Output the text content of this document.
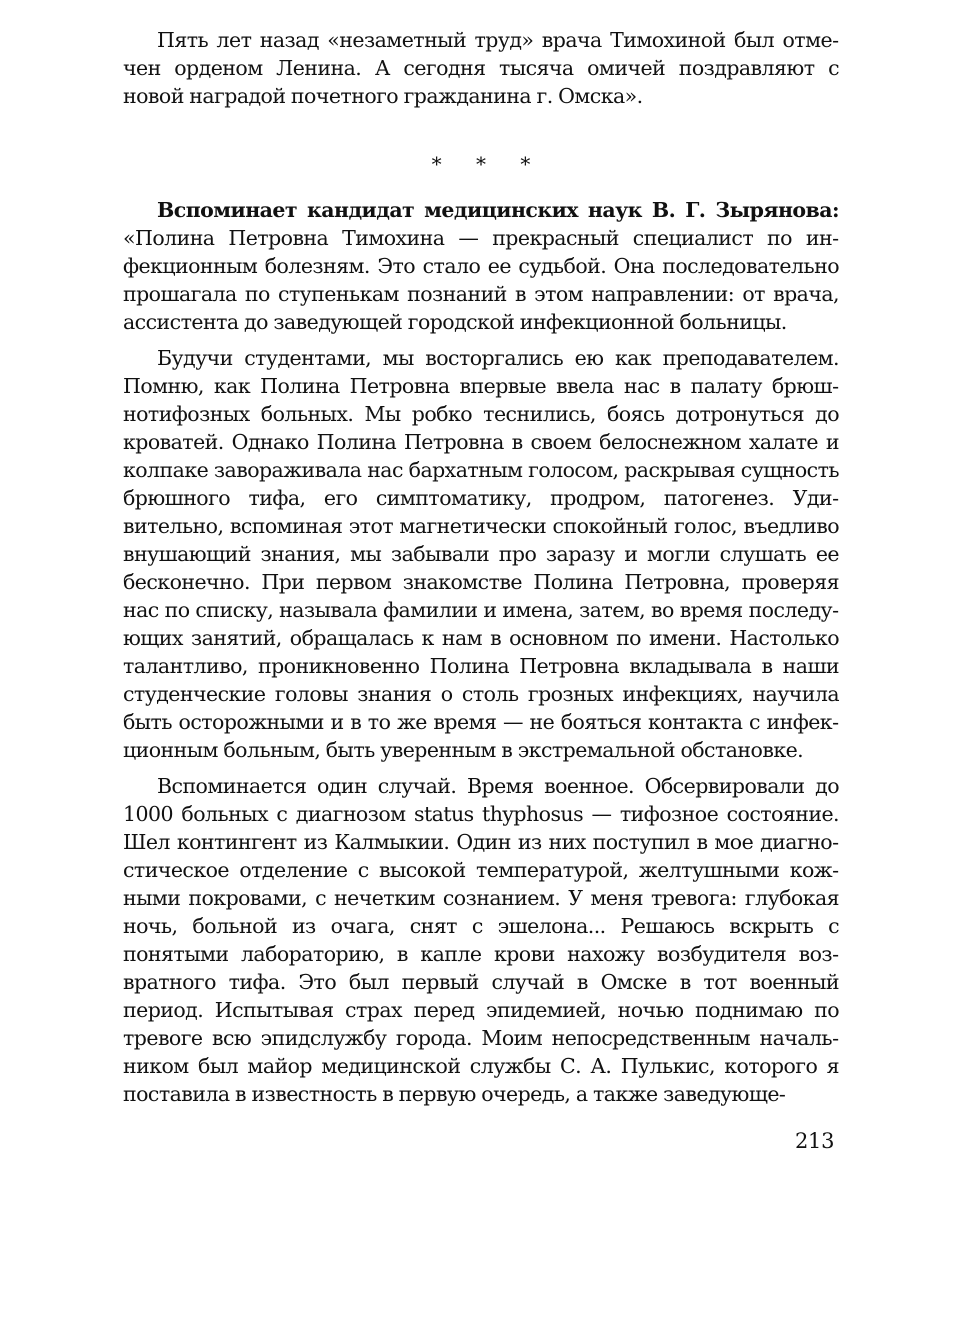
Пять лет назад «незаметный труд» врача Тимохиной был отмечен орденом Ленина. А сегодня тысяча омичей поздравляют с новой наградой почетного гражданина г. Омска».

* * *

Вспоминает кандидат медицинских наук В. Г. Зырянова: «Полина Петровна Тимохина — прекрасный специалист по инфекционным болезням. Это стало ее судьбой. Она последовательно прошагала по ступенькам познаний в этом направлении: от врача, ассистента до заведующей городской инфекционной больницы.

Будучи студентами, мы восторгались ею как преподавателем. Помню, как Полина Петровна впервые ввела нас в палату брюшнотифозных больных. Мы робко теснились, боясь дотронуться до кроватей. Однако Полина Петровна в своем белоснежном халате и колпаке завораживала нас бархатным голосом, раскрывая сущность брюшного тифа, его симптоматику, продром, патогенез. Удивительно, вспоминая этот магнетически спокойный голос, въедливо внушающий знания, мы забывали про заразу и могли слушать ее бесконечно. При первом знакомстве Полина Петровна, проверяя нас по списку, называла фамилии и имена, затем, во время последующих занятий, обращалась к нам в основном по имени. Настолько талантливо, проникновенно Полина Петровна вкладывала в наши студенческие головы знания о столь грозных инфекциях, научила быть осторожными и в то же время — не бояться контакта с инфекционным больным, быть уверенным в экстремальной обстановке.

Вспоминается один случай. Время военное. Обсервировали до 1000 больных с диагнозом status thyphosus — тифозное состояние. Шел контингент из Калмыкии. Один из них поступил в мое диагностическое отделение с высокой температурой, желтушными кожными покровами, с нечетким сознанием. У меня тревога: глубокая ночь, больной из очага, снят с эшелона... Решаюсь вскрыть с понятыми лабораторию, в капле крови нахожу возбудителя возвратного тифа. Это был первый случай в Омске в тот военный период. Испытывая страх перед эпидемией, ночью поднимаю по тревоге всю эпидслужбу города. Моим непосредственным начальником был майор медицинской службы С. А. Пулькис, которого я поставила в известность в первую очередь, а также заведующе-

213
